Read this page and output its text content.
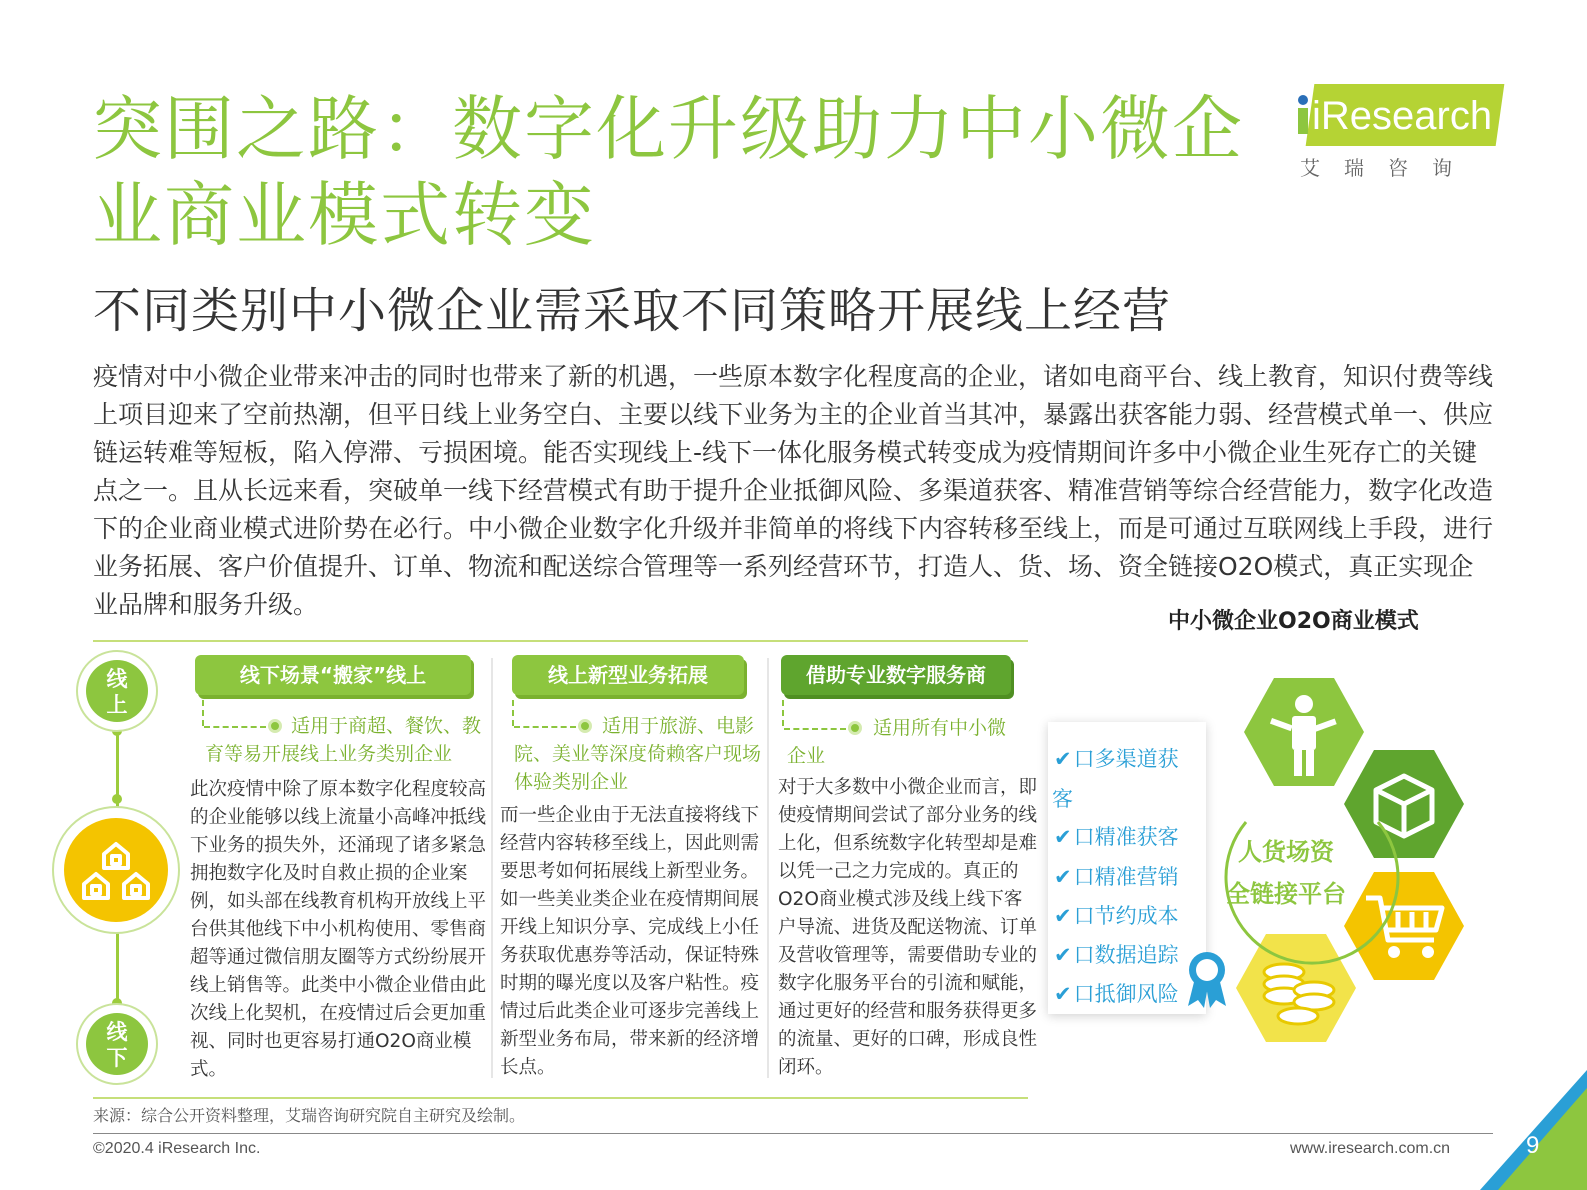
突围之路：数字化升级助力中小微企业商业模式转变
iResearch
艾瑞咨询
不同类别中小微企业需采取不同策略开展线上经营

疫情对中小微企业带来冲击的同时也带来了新的机遇，一些原本数字化程度高的企业，诸如电商平台、线上教育，知识付费等线上项目迎来了空前热潮，但平日线上业务空白、主要以线下业务为主的企业首当其冲，暴露出获客能力弱、经营模式单一、供应链运转难等短板，陷入停滞、亏损困境。能否实现线上-线下一体化服务模式转变成为疫情期间许多中小微企业生死存亡的关键点之一。且从长远来看，突破单一线下经营模式有助于提升企业抵御风险、多渠道获客、精准营销等综合经营能力，数字化改造下的企业商业模式进阶势在必行。中小微企业数字化升级并非简单的将线下内容转移至线上，而是可通过互联网线上手段，进行业务拓展、客户价值提升、订单、物流和配送综合管理等一系列经营环节，打造人、货、场、资全链接O2O模式，真正实现企业品牌和服务升级。

中小微企业O2O商业模式
线上
线下
线下场景“搬家”线上
适用于商超、餐饮、教育等易开展线上业务类别企业
此次疫情中除了原本数字化程度较高的企业能够以线上流量小高峰冲抵线下业务的损失外，还涌现了诸多紧急拥抱数字化及时自救止损的企业案例，如头部在线教育机构开放线上平台供其他线下中小机构使用、零售商超等通过微信朋友圈等方式纷纷展开线上销售等。此类中小微企业借由此次线上化契机，在疫情过后会更加重视、同时也更容易打通O2O商业模式。
线上新型业务拓展
适用于旅游、电影院、美业等深度倚赖客户现场体验类别企业
而一些企业由于无法直接将线下经营内容转移至线上，因此则需要思考如何拓展线上新型业务。如一些美业类企业在疫情期间展开线上知识分享、完成线上小任务获取优惠券等活动，保证特殊时期的曝光度以及客户粘性。疫情过后此类企业可逐步完善线上新型业务布局，带来新的经济增长点。
借助专业数字服务商
适用所有中小微企业
对于大多数中小微企业而言，即使疫情期间尝试了部分业务的线上化，但系统数字化转型却是难以凭一己之力完成的。真正的O2O商业模式涉及线上线下客户导流、进货及配送物流、订单及营收管理等，需要借助专业的数字化服务平台的引流和赋能，通过更好的经营和服务获得更多的流量、更好的口碑，形成良性闭环。
✔口多渠道获
客
✔口精准获客
✔口精准营销
✔口节约成本
✔口数据追踪
✔口抵御风险
人货场资
全链接平台
来源：综合公开资料整理，艾瑞咨询研究院自主研究及绘制。
©2020.4 iResearch Inc.	www.iresearch.com.cn	9
